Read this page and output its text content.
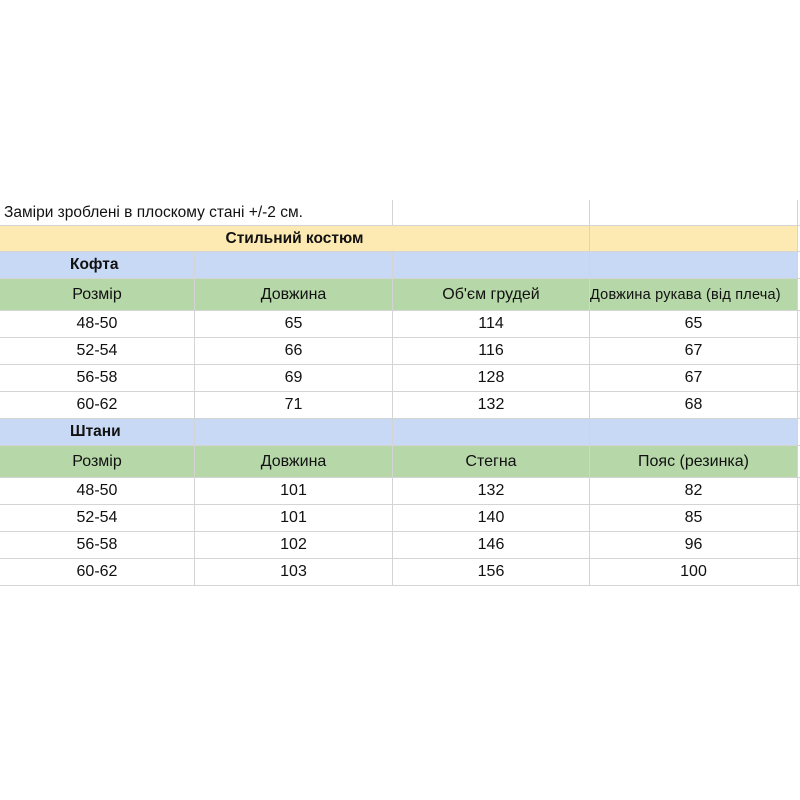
Заміри зроблені в плоскому стані +/-2 см.
Стильний костюм
Кофта
Розмір	Довжина	Об'єм грудей	Довжина рукава (від плеча)
48-50	65	114	65
52-54	66	116	67
56-58	69	128	67
60-62	71	132	68
Штани
Розмір	Довжина	Стегна	Пояс (резинка)
48-50	101	132	82
52-54	101	140	85
56-58	102	146	96
60-62	103	156	100
